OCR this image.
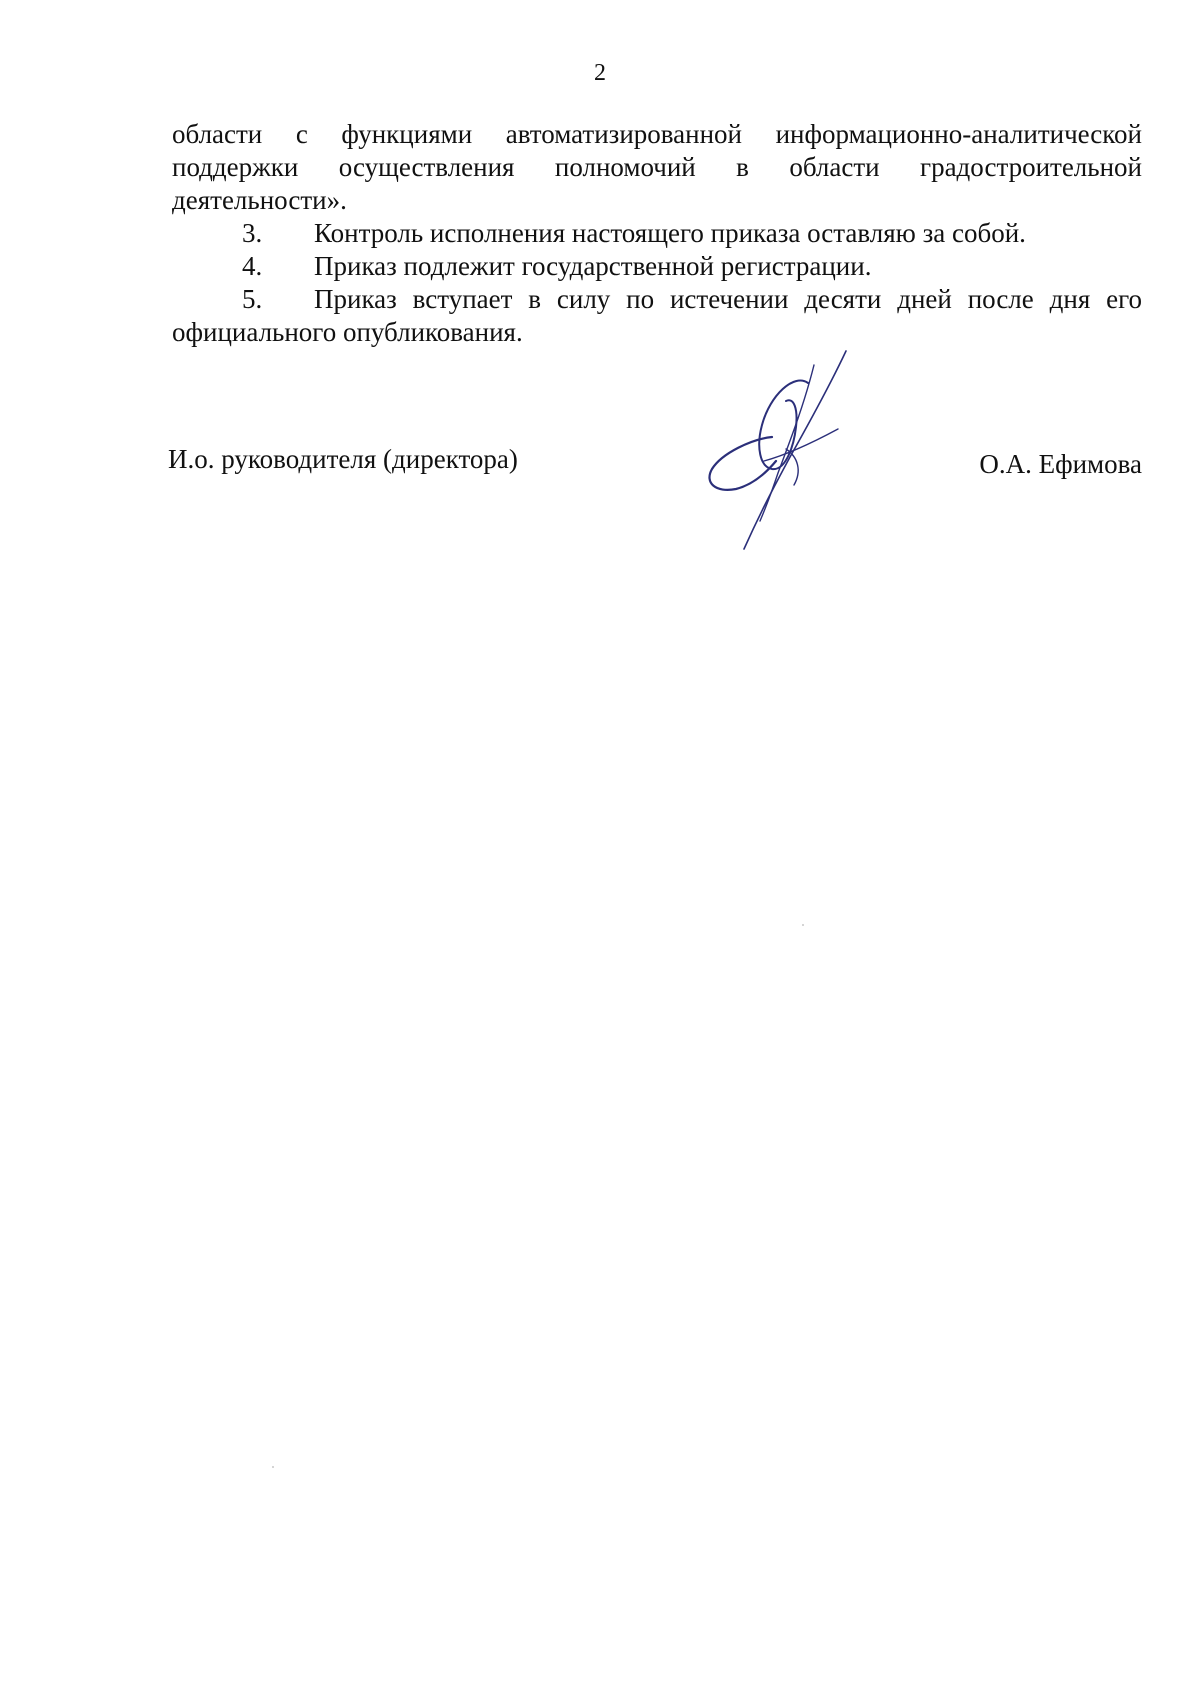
2

области с функциями автоматизированной информационно-аналитической

поддержки осуществления полномочий в области градостроительной

деятельности».

3. Контроль исполнения настоящего приказа оставляю за собой.
4. Приказ подлежит государственной регистрации.
5. Приказ вступает в силу по истечении десяти дней после дня его

официального опубликования.

И.о. руководителя (директора)	О.А. Ефимова
